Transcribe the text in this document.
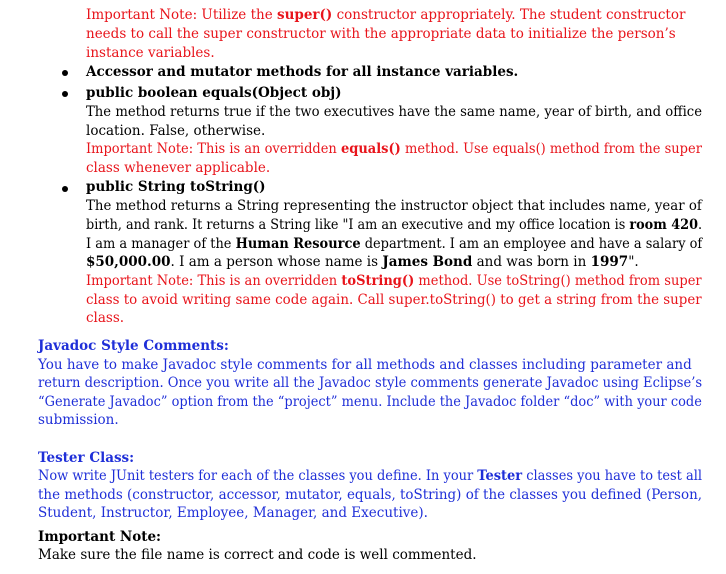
Important Note: Utilize the super() constructor appropriately. The student constructor
needs to call the super constructor with the appropriate data to initialize the person’s
instance variables.
Accessor and mutator methods for all instance variables.
public boolean equals(Object obj)
The method returns true if the two executives have the same name, year of birth, and office
location. False, otherwise.
Important Note: This is an overridden equals() method. Use equals() method from the super
class whenever applicable.
public String toString()
The method returns a String representing the instructor object that includes name, year of
birth, and rank. It returns a String like "I am an executive and my office location is room 420.
I am a manager of the Human Resource department. I am an employee and have a salary of
$50,000.00. I am a person whose name is James Bond and was born in 1997".
Important Note: This is an overridden toString() method. Use toString() method from super
class to avoid writing same code again. Call super.toString() to get a string from the super
class.
Javadoc Style Comments:
You have to make Javadoc style comments for all methods and classes including parameter and
return description. Once you write all the Javadoc style comments generate Javadoc using Eclipse’s
“Generate Javadoc” option from the “project” menu. Include the Javadoc folder “doc” with your code
submission.
Tester Class:
Now write JUnit testers for each of the classes you define. In your Tester classes you have to test all
the methods (constructor, accessor, mutator, equals, toString) of the classes you defined (Person,
Student, Instructor, Employee, Manager, and Executive).
Important Note:
Make sure the file name is correct and code is well commented.
